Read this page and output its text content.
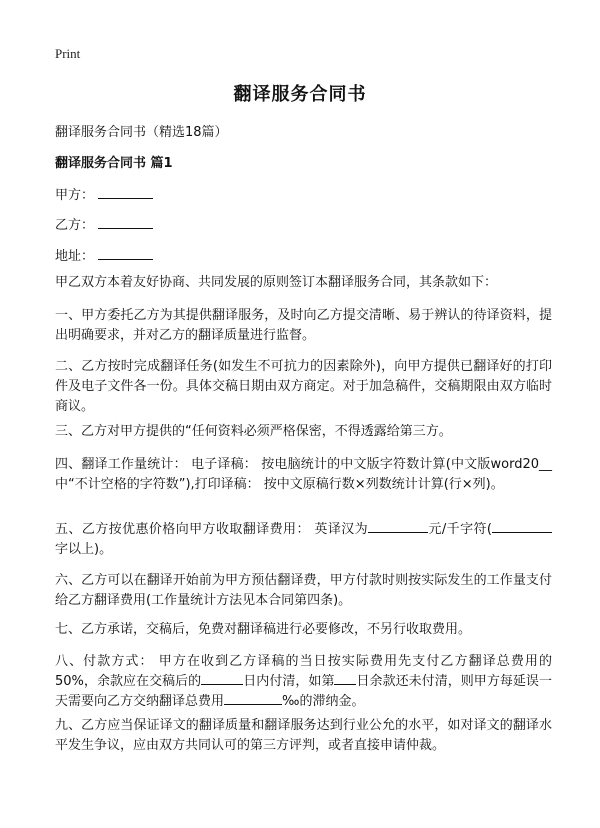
Print
翻译服务合同书
翻译服务合同书（精选18篇）
翻译服务合同书 篇1
甲方：
乙方：
地址：
甲乙双方本着友好协商、共同发展的原则签订本翻译服务合同，其条款如下：
一、甲方委托乙方为其提供翻译服务，及时向乙方提交清晰、易于辨认的待译资料，提出明确要求，并对乙方的翻译质量进行监督。
二、乙方按时完成翻译任务(如发生不可抗力的因素除外)，向甲方提供已翻译好的打印件及电子文件各一份。具体交稿日期由双方商定。对于加急稿件，交稿期限由双方临时商议。
三、乙方对甲方提供的“任何资料必须严格保密，不得透露给第三方。
四、翻译工作量统计： 电子译稿： 按电脑统计的中文版字符数计算(中文版word20__中“不计空格的字符数”),打印译稿： 按中文原稿行数×列数统计计算(行×列)。
五、乙方按优惠价格向甲方收取翻译费用： 英译汉为	元/千字符(字以上)。
六、乙方可以在翻译开始前为甲方预估翻译费，甲方付款时则按实际发生的工作量支付给乙方翻译费用(工作量统计方法见本合同第四条)。
七、乙方承诺，交稿后，免费对翻译稿进行必要修改，不另行收取费用。
八、付款方式： 甲方在收到乙方译稿的当日按实际费用先支付乙方翻译总费用的50%，余款应在交稿后的	日内付清，如第 日余款还未付清，则甲方每延误一天需要向乙方交纳翻译总费用	‰的滞纳金。
九、乙方应当保证译文的翻译质量和翻译服务达到行业公允的水平，如对译文的翻译水平发生争议，应由双方共同认可的第三方评判，或者直接申请仲裁。
